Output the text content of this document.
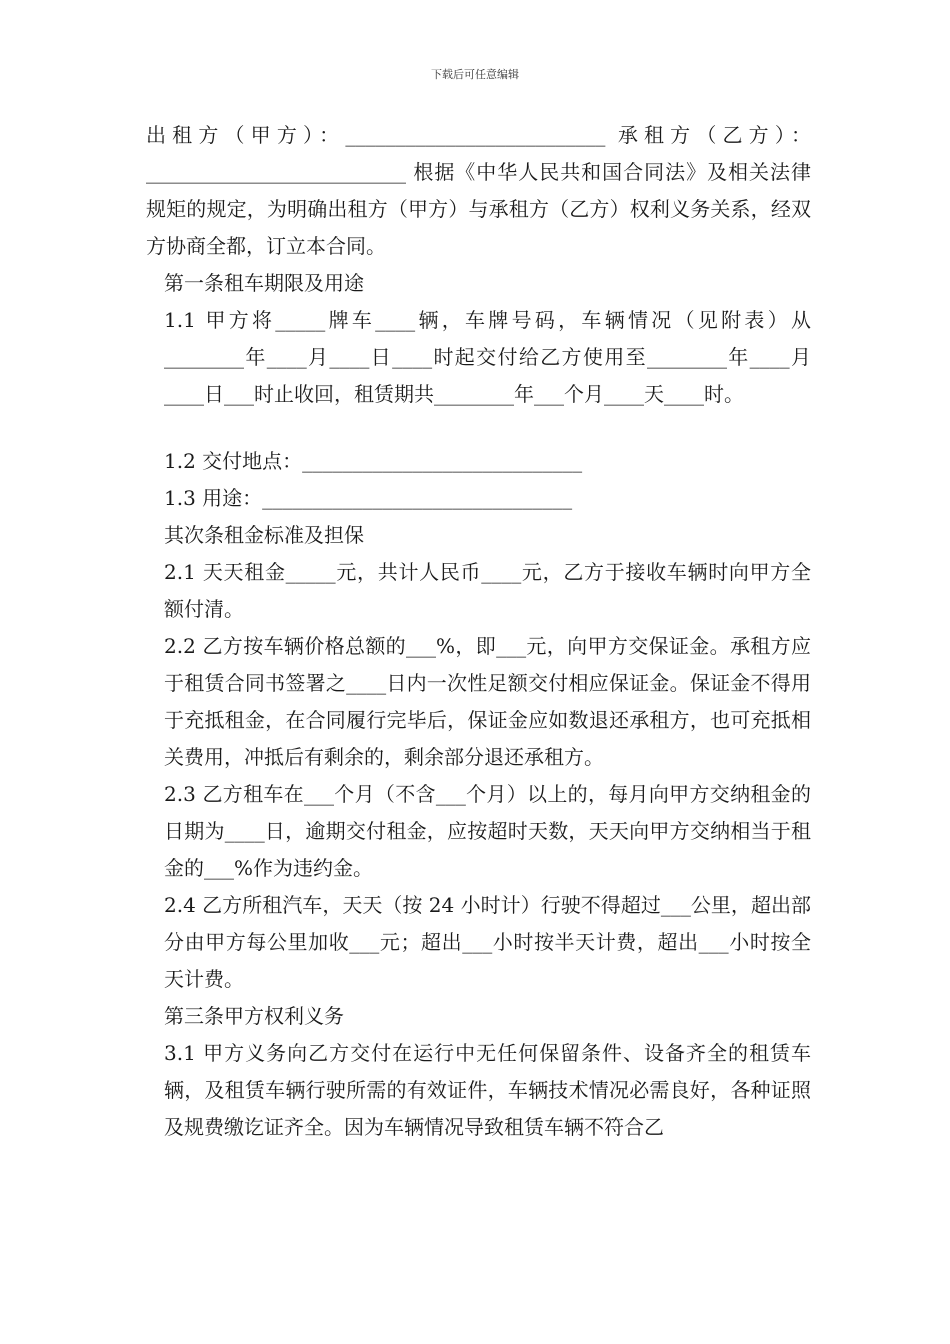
下载后可任意编辑

出租方（甲方）：__________________________ 承租方（乙方）：__________________________ 根据《中华人民共和国合同法》及相关法律规矩的规定，为明确出租方（甲方）与承租方（乙方）权利义务关系，经双方协商全都，订立本合同。

第一条租车期限及用途

1.1 甲方将_____牌车____辆，车牌号码，车辆情况（见附表）从________年____月____日____时起交付给乙方使用至________年____月____日___时止收回，租赁期共________年___个月____天____时。

1.2 交付地点：____________________________

1.3 用途：_______________________________

其次条租金标准及担保

2.1 天天租金_____元，共计人民币____元，乙方于接收车辆时向甲方全额付清。

2.2 乙方按车辆价格总额的___%，即___元，向甲方交保证金。承租方应于租赁合同书签署之____日内一次性足额交付相应保证金。保证金不得用于充抵租金，在合同履行完毕后，保证金应如数退还承租方，也可充抵相关费用，冲抵后有剩余的，剩余部分退还承租方。

2.3 乙方租车在___个月（不含___个月）以上的，每月向甲方交纳租金的日期为____日，逾期交付租金，应按超时天数，天天向甲方交纳相当于租金的___%作为违约金。

2.4 乙方所租汽车，天天（按 24 小时计）行驶不得超过___公里，超出部分由甲方每公里加收___元；超出___小时按半天计费，超出___小时按全天计费。

第三条甲方权利义务

3.1 甲方义务向乙方交付在运行中无任何保留条件、设备齐全的租赁车辆，及租赁车辆行驶所需的有效证件，车辆技术情况必需良好，各种证照及规费缴讫证齐全。因为车辆情况导致租赁车辆不符合乙
